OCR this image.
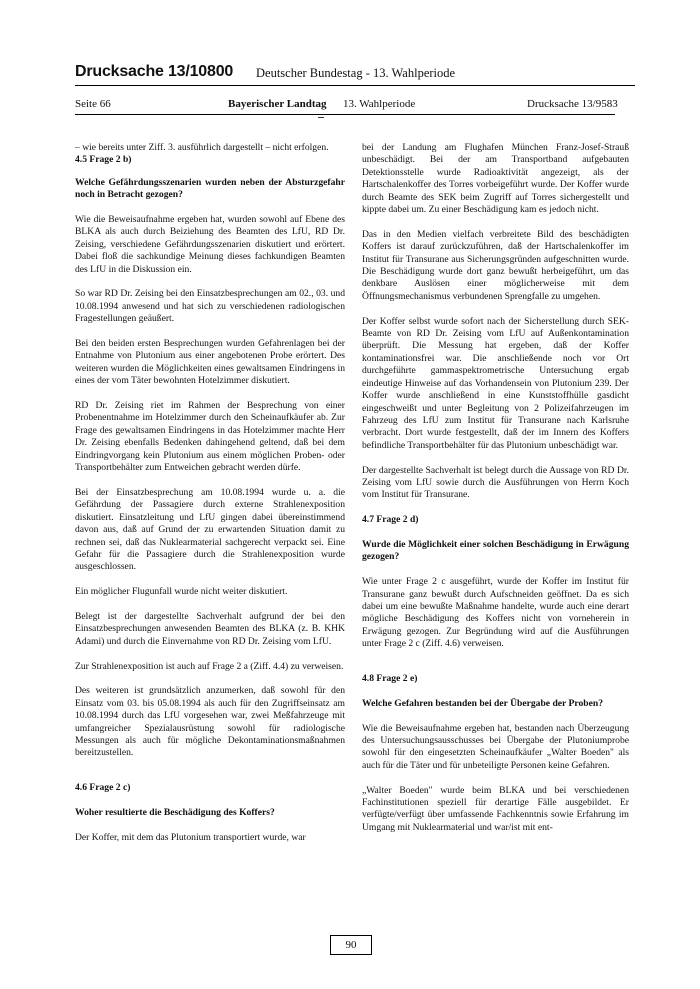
Drucksache 13/10800 Deutscher Bundestag - 13. Wahlperiode
Seite 66	Bayerischer Landtag 13. Wahlperiode	Drucksache 13/9583

– wie bereits unter Ziff. 3. ausführlich dargestellt – nicht erfolgen.

4.5 Frage 2 b)

Welche Gefährdungsszenarien wurden neben der Absturzgefahr noch in Betracht gezogen?

Wie die Beweisaufnahme ergeben hat, wurden sowohl auf Ebene des BLKA als auch durch Beiziehung des Beamten des LfU, RD Dr. Zeising, verschiedene Gefährdungsszenarien diskutiert und erörtert. Dabei floß die sachkundige Meinung dieses fachkundigen Beamten des LfU in die Diskussion ein.

So war RD Dr. Zeising bei den Einsatzbesprechungen am 02., 03. und 10.08.1994 anwesend und hat sich zu verschiedenen radiologischen Fragestellungen geäußert.

Bei den beiden ersten Besprechungen wurden Gefahrenlagen bei der Entnahme von Plutonium aus einer angebotenen Probe erörtert. Des weiteren wurden die Möglichkeiten eines gewaltsamen Eindringens in eines der vom Täter bewohnten Hotelzimmer diskutiert.

RD Dr. Zeising riet im Rahmen der Besprechung von einer Probenentnahme im Hotelzimmer durch den Scheinaufkäufer ab. Zur Frage des gewaltsamen Eindringens in das Hotelzimmer machte Herr Dr. Zeising ebenfalls Bedenken dahingehend geltend, daß bei dem Eindringvorgang kein Plutonium aus einem möglichen Proben- oder Transportbehälter zum Entweichen gebracht werden dürfe.

Bei der Einsatzbesprechung am 10.08.1994 wurde u. a. die Gefährdung der Passagiere durch externe Strahlenexposition diskutiert. Einsatzleitung und LfU gingen dabei übereinstimmend davon aus, daß auf Grund der zu erwartenden Situation damit zu rechnen sei, daß das Nuklearmaterial sachgerecht verpackt sei. Eine Gefahr für die Passagiere durch die Strahlenexposition wurde ausgeschlossen.

Ein möglicher Flugunfall wurde nicht weiter diskutiert.

Belegt ist der dargestellte Sachverhalt aufgrund der bei den Einsatzbesprechungen anwesenden Beamten des BLKA (z. B. KHK Adami) und durch die Einvernahme von RD Dr. Zeising vom LfU.

Zur Strahlenexposition ist auch auf Frage 2 a (Ziff. 4.4) zu verweisen.

Des weiteren ist grundsätzlich anzumerken, daß sowohl für den Einsatz vom 03. bis 05.08.1994 als auch für den Zugriffseinsatz am 10.08.1994 durch das LfU vorgesehen war, zwei Meßfahrzeuge mit umfangreicher Spezialausrüstung sowohl für radiologische Messungen als auch für mögliche Dekontaminationsmaßnahmen bereitzustellen.

4.6 Frage 2 c)

Woher resultierte die Beschädigung des Koffers?

Der Koffer, mit dem das Plutonium transportiert wurde, war

bei der Landung am Flughafen München Franz-Josef-Strauß unbeschädigt. Bei der am Transportband aufgebauten Detektionsstelle wurde Radioaktivität angezeigt, als der Hartschalenkoffer des Torres vorbeigeführt wurde. Der Koffer wurde durch Beamte des SEK beim Zugriff auf Torres sichergestellt und kippte dabei um. Zu einer Beschädigung kam es jedoch nicht.

Das in den Medien vielfach verbreitete Bild des beschädigten Koffers ist darauf zurückzuführen, daß der Hartschalenkoffer im Institut für Transurane aus Sicherungsgründen aufgeschnitten wurde. Die Beschädigung wurde dort ganz bewußt herbeigeführt, um das denkbare Auslösen einer möglicherweise mit dem Öffnungsmechanismus verbundenen Sprengfalle zu umgehen.

Der Koffer selbst wurde sofort nach der Sicherstellung durch SEK-Beamte von RD Dr. Zeising vom LfU auf Außenkontamination überprüft. Die Messung hat ergeben, daß der Koffer kontaminationsfrei war. Die anschließende noch vor Ort durchgeführte gammaspektrometrische Untersuchung ergab eindeutige Hinweise auf das Vorhandensein von Plutonium 239. Der Koffer wurde anschließend in eine Kunststoffhülle gasdicht eingeschweißt und unter Begleitung von 2 Polizeifahrzeugen im Fahrzeug des LfU zum Institut für Transurane nach Karlsruhe verbracht. Dort wurde festgestellt, daß der im Innern des Koffers befindliche Transportbehälter für das Plutonium unbeschädigt war.

Der dargestellte Sachverhalt ist belegt durch die Aussage von RD Dr. Zeising vom LfU sowie durch die Ausführungen von Herrn Koch vom Institut für Transurane.

4.7 Frage 2 d)

Wurde die Möglichkeit einer solchen Beschädigung in Erwägung gezogen?

Wie unter Frage 2 c ausgeführt, wurde der Koffer im Institut für Transurane ganz bewußt durch Aufschneiden geöffnet. Da es sich dabei um eine bewußte Maßnahme handelte, wurde auch eine derart mögliche Beschädigung des Koffers nicht von vorneherein in Erwägung gezogen. Zur Begründung wird auf die Ausführungen unter Frage 2 c (Ziff. 4.6) verweisen.

4.8 Frage 2 e)

Welche Gefahren bestanden bei der Übergabe der Proben?

Wie die Beweisaufnahme ergeben hat, bestanden nach Überzeugung des Untersuchungsausschusses bei Übergabe der Plutoniumprobe sowohl für den eingesetzten Scheinaufkäufer „Walter Boeden" als auch für die Täter und für unbeteiligte Personen keine Gefahren.

„Walter Boeden" wurde beim BLKA und bei verschiedenen Fachinstitutionen speziell für derartige Fälle ausgebildet. Er verfügte/verfügt über umfassende Fachkenntnis sowie Erfahrung im Umgang mit Nuklearmaterial und war/ist mit ent-

90
